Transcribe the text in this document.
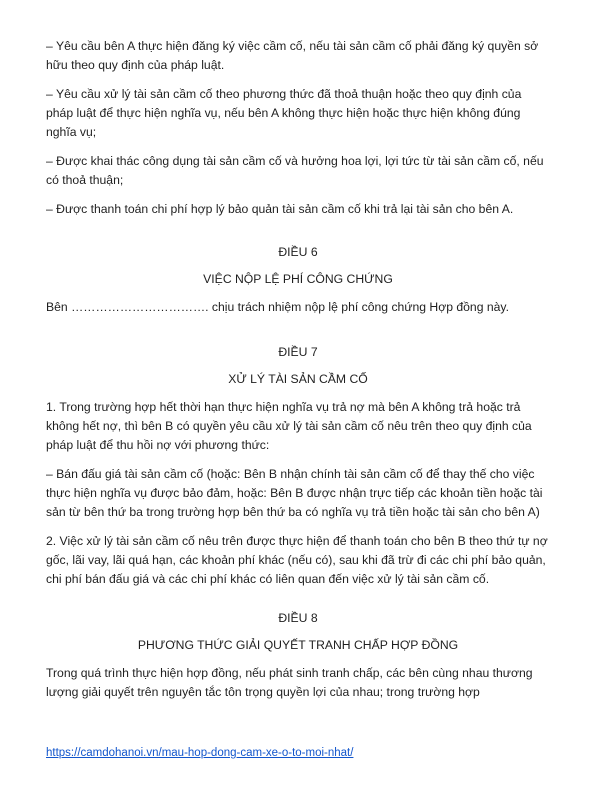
– Yêu cầu bên A thực hiện đăng ký việc cầm cố, nếu tài sản cầm cố phải đăng ký quyền sở hữu theo quy định của pháp luật.

– Yêu cầu xử lý tài sản cầm cố theo phương thức đã thoả thuận hoặc theo quy định của pháp luật để thực hiện nghĩa vụ, nếu bên A không thực hiện hoặc thực hiện không đúng nghĩa vụ;

– Được khai thác công dụng tài sản cầm cố và hưởng hoa lợi, lợi tức từ tài sản cầm cố, nếu có thoả thuận;

– Được thanh toán chi phí hợp lý bảo quản tài sản cầm cố khi trả lại tài sản cho bên A.

ĐIỀU 6

VIỆC NỘP LỆ PHÍ CÔNG CHỨNG

Bên ……………………………. chịu trách nhiệm nộp lệ phí công chứng Hợp đồng này.

ĐIỀU 7

XỬ LÝ TÀI SẢN CẦM CỐ

1. Trong trường hợp hết thời hạn thực hiện nghĩa vụ trả nợ mà bên A không trả hoặc trả không hết nợ, thì bên B có quyền yêu cầu xử lý tài sản cầm cố nêu trên theo quy định của pháp luật để thu hồi nợ với phương thức:

– Bán đấu giá tài sản cầm cố (hoặc: Bên B nhận chính tài sản cầm cố để thay thế cho việc thực hiện nghĩa vụ được bảo đảm, hoặc: Bên B được nhận trực tiếp các khoản tiền hoặc tài sản từ bên thứ ba trong trường hợp bên thứ ba có nghĩa vụ trả tiền hoặc tài sản cho bên A)

2. Việc xử lý tài sản cầm cố nêu trên được thực hiện để thanh toán cho bên B theo thứ tự nợ gốc, lãi vay, lãi quá hạn, các khoản phí khác (nếu có), sau khi đã trừ đi các chi phí bảo quản, chi phí bán đấu giá và các chi phí khác có liên quan đến việc xử lý tài sản cầm cố.

ĐIỀU 8

PHƯƠNG THỨC GIẢI QUYẾT TRANH CHẤP HỢP ĐỒNG

Trong quá trình thực hiện hợp đồng, nếu phát sinh tranh chấp, các bên cùng nhau thương lượng giải quyết trên nguyên tắc tôn trọng quyền lợi của nhau; trong trường hợp

https://camdohanoi.vn/mau-hop-dong-cam-xe-o-to-moi-nhat/
